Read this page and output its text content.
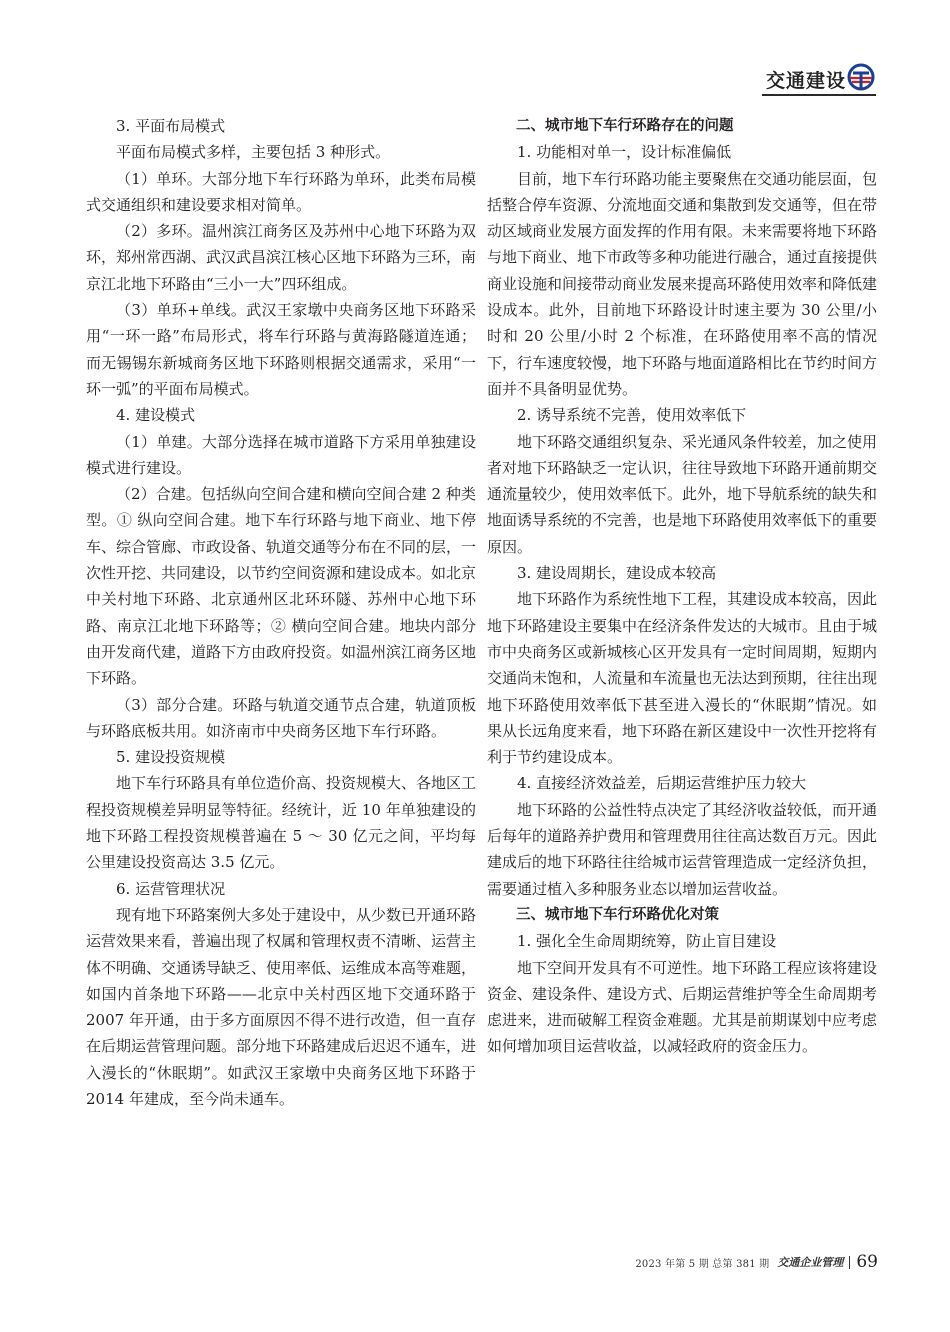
交通建设

3. 平面布局模式

平面布局模式多样，主要包括 3 种形式。

（1）单环。大部分地下车行环路为单环，此类布局模式交通组织和建设要求相对简单。

（2）多环。温州滨江商务区及苏州中心地下环路为双环，郑州常西湖、武汉武昌滨江核心区地下环路为三环，南京江北地下环路由“三小一大”四环组成。

（3）单环+单线。武汉王家墩中央商务区地下环路采用“一环一路”布局形式，将车行环路与黄海路隧道连通；而无锡锡东新城商务区地下环路则根据交通需求，采用“一环一弧”的平面布局模式。

4. 建设模式

（1）单建。大部分选择在城市道路下方采用单独建设模式进行建设。

（2）合建。包括纵向空间合建和横向空间合建 2 种类型。① 纵向空间合建。地下车行环路与地下商业、地下停车、综合管廊、市政设备、轨道交通等分布在不同的层，一次性开挖、共同建设，以节约空间资源和建设成本。如北京中关村地下环路、北京通州区北环环隧、苏州中心地下环路、南京江北地下环路等；② 横向空间合建。地块内部分由开发商代建，道路下方由政府投资。如温州滨江商务区地下环路。

（3）部分合建。环路与轨道交通节点合建，轨道顶板与环路底板共用。如济南市中央商务区地下车行环路。

5. 建设投资规模

地下车行环路具有单位造价高、投资规模大、各地区工程投资规模差异明显等特征。经统计，近 10 年单独建设的地下环路工程投资规模普遍在 5 ～ 30 亿元之间，平均每公里建设投资高达 3.5 亿元。

6. 运营管理状况

现有地下环路案例大多处于建设中，从少数已开通环路运营效果来看，普遍出现了权属和管理权责不清晰、运营主体不明确、交通诱导缺乏、使用率低、运维成本高等难题，如国内首条地下环路——北京中关村西区地下交通环路于 2007 年开通，由于多方面原因不得不进行改造，但一直存在后期运营管理问题。部分地下环路建成后迟迟不通车，进入漫长的“休眠期”。如武汉王家墩中央商务区地下环路于 2014 年建成，至今尚未通车。

二、城市地下车行环路存在的问题

1. 功能相对单一，设计标准偏低

目前，地下车行环路功能主要聚焦在交通功能层面，包括整合停车资源、分流地面交通和集散到发交通等，但在带动区域商业发展方面发挥的作用有限。未来需要将地下环路与地下商业、地下市政等多种功能进行融合，通过直接提供商业设施和间接带动商业发展来提高环路使用效率和降低建设成本。此外，目前地下环路设计时速主要为 30 公里/小时和 20 公里/小时 2 个标准，在环路使用率不高的情况下，行车速度较慢，地下环路与地面道路相比在节约时间方面并不具备明显优势。

2. 诱导系统不完善，使用效率低下

地下环路交通组织复杂、采光通风条件较差，加之使用者对地下环路缺乏一定认识，往往导致地下环路开通前期交通流量较少，使用效率低下。此外，地下导航系统的缺失和地面诱导系统的不完善，也是地下环路使用效率低下的重要原因。

3. 建设周期长，建设成本较高

地下环路作为系统性地下工程，其建设成本较高，因此地下环路建设主要集中在经济条件发达的大城市。且由于城市中央商务区或新城核心区开发具有一定时间周期，短期内交通尚未饱和，人流量和车流量也无法达到预期，往往出现地下环路使用效率低下甚至进入漫长的“休眠期”情况。如果从长远角度来看，地下环路在新区建设中一次性开挖将有利于节约建设成本。

4. 直接经济效益差，后期运营维护压力较大

地下环路的公益性特点决定了其经济收益较低，而开通后每年的道路养护费用和管理费用往往高达数百万元。因此建成后的地下环路往往给城市运营管理造成一定经济负担，需要通过植入多种服务业态以增加运营收益。

三、城市地下车行环路优化对策

1. 强化全生命周期统筹，防止盲目建设

地下空间开发具有不可逆性。地下环路工程应该将建设资金、建设条件、建设方式、后期运营维护等全生命周期考虑进来，进而破解工程资金难题。尤其是前期谋划中应考虑如何增加项目运营收益，以减轻政府的资金压力。

2023 年第 5 期 总第 381 期 交通企业管理 69
